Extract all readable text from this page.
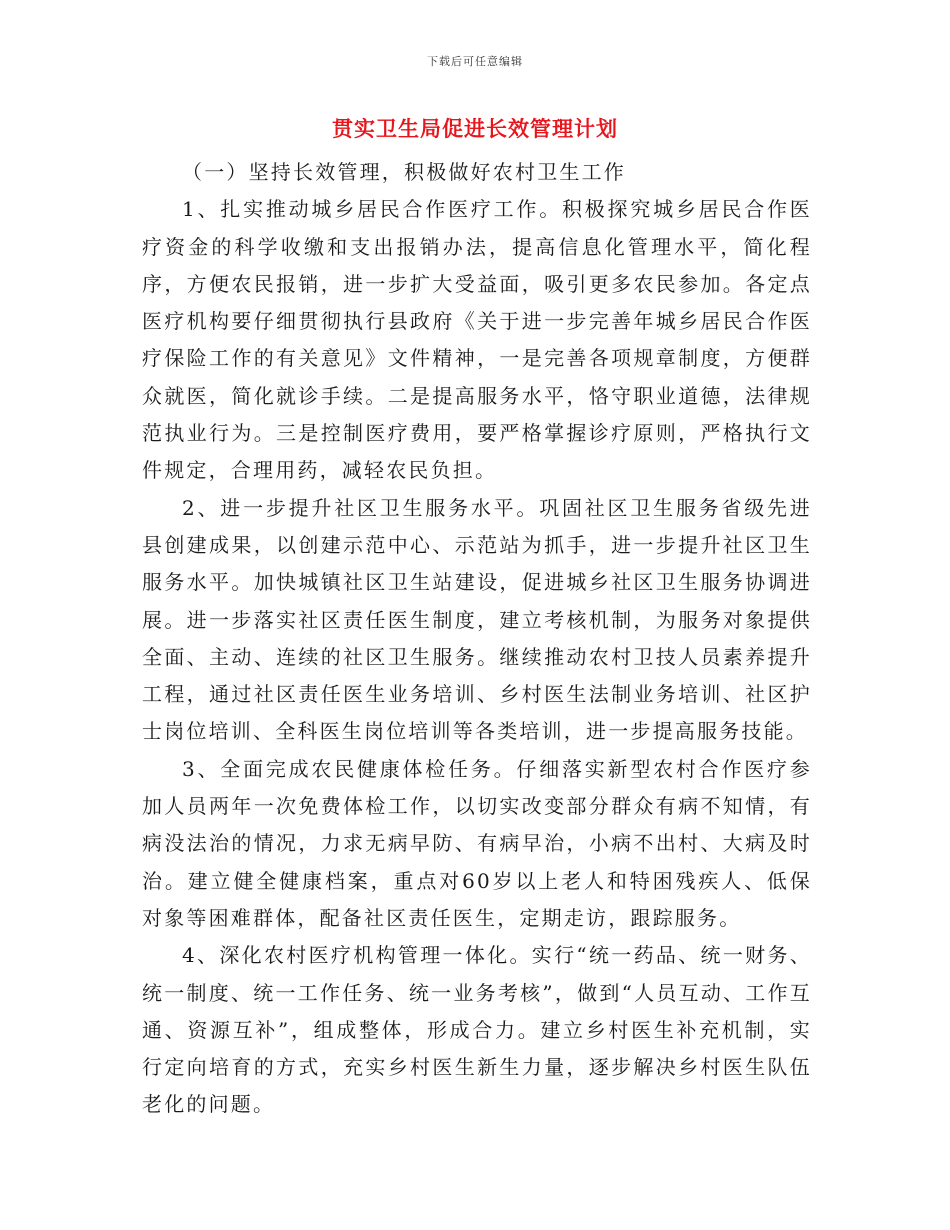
下载后可任意编辑
贯实卫生局促进长效管理计划

（一）坚持长效管理，积极做好农村卫生工作

1、扎实推动城乡居民合作医疗工作。积极探究城乡居民合作医疗资金的科学收缴和支出报销办法，提高信息化管理水平，简化程序，方便农民报销，进一步扩大受益面，吸引更多农民参加。各定点医疗机构要仔细贯彻执行县政府《关于进一步完善年城乡居民合作医疗保险工作的有关意见》文件精神，一是完善各项规章制度，方便群众就医，简化就诊手续。二是提高服务水平，恪守职业道德，法律规范执业行为。三是控制医疗费用，要严格掌握诊疗原则，严格执行文件规定，合理用药，减轻农民负担。

2、进一步提升社区卫生服务水平。巩固社区卫生服务省级先进县创建成果，以创建示范中心、示范站为抓手，进一步提升社区卫生服务水平。加快城镇社区卫生站建设，促进城乡社区卫生服务协调进展。进一步落实社区责任医生制度，建立考核机制，为服务对象提供全面、主动、连续的社区卫生服务。继续推动农村卫技人员素养提升工程，通过社区责任医生业务培训、乡村医生法制业务培训、社区护士岗位培训、全科医生岗位培训等各类培训，进一步提高服务技能。

3、全面完成农民健康体检任务。仔细落实新型农村合作医疗参加人员两年一次免费体检工作，以切实改变部分群众有病不知情，有病没法治的情况，力求无病早防、有病早治，小病不出村、大病及时治。建立健全健康档案，重点对60岁以上老人和特困残疾人、低保对象等困难群体，配备社区责任医生，定期走访，跟踪服务。

4、深化农村医疗机构管理一体化。实行“统一药品、统一财务、统一制度、统一工作任务、统一业务考核”，做到“人员互动、工作互通、资源互补”，组成整体，形成合力。建立乡村医生补充机制，实行定向培育的方式，充实乡村医生新生力量，逐步解决乡村医生队伍老化的问题。
